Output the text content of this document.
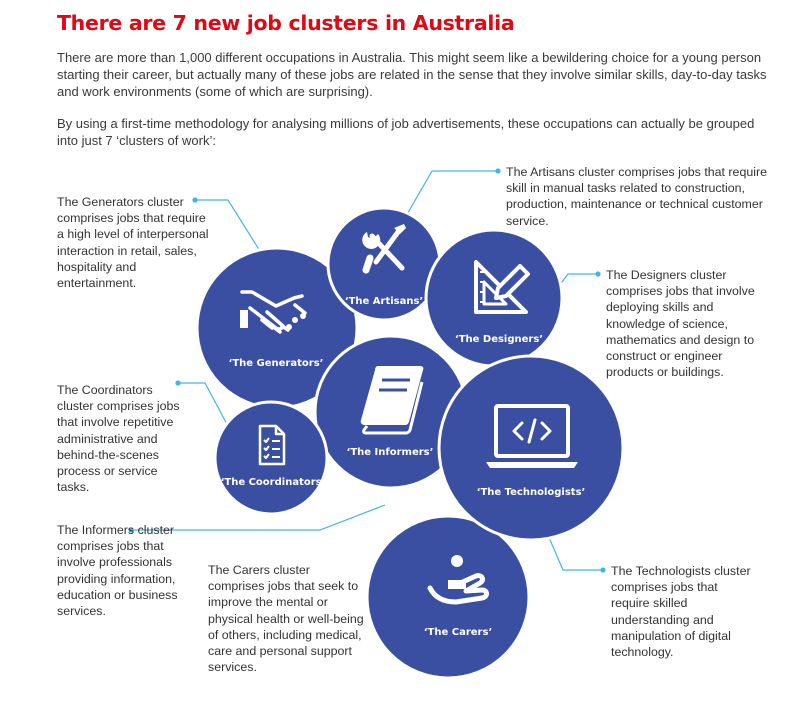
There are 7 new job clusters in Australia
There are more than 1,000 different occupations in Australia. This might seem like a bewildering choice for a young person starting their career, but actually many of these jobs are related in the sense that they involve similar skills, day-to-day tasks and work environments (some of which are surprising).
By using a first-time methodology for analysing millions of job advertisements, these occupations can actually be grouped into just 7 ‘clusters of work’:
‘The Carers’
‘The Generators’
‘The Artisans’
‘The Designers’
‘The Informers’
‘The Coordinators’
‘The Technologists’
The Generators cluster comprises jobs that require a high level of interpersonal interaction in retail, sales, hospitality and entertainment.
The Artisans cluster comprises jobs that require skill in manual tasks related to construction, production, maintenance or technical customer service.
The Designers cluster comprises jobs that involve deploying skills and knowledge of science, mathematics and design to construct or engineer products or buildings.
The Coordinators cluster comprises jobs that involve repetitive administrative and behind-the-scenes process or service tasks.
The Informers cluster comprises jobs that involve professionals providing information, education or business services.
The Carers cluster comprises jobs that seek to improve the mental or physical health or well-being of others, including medical, care and personal support services.
The Technologists cluster comprises jobs that require skilled understanding and manipulation of digital technology.
